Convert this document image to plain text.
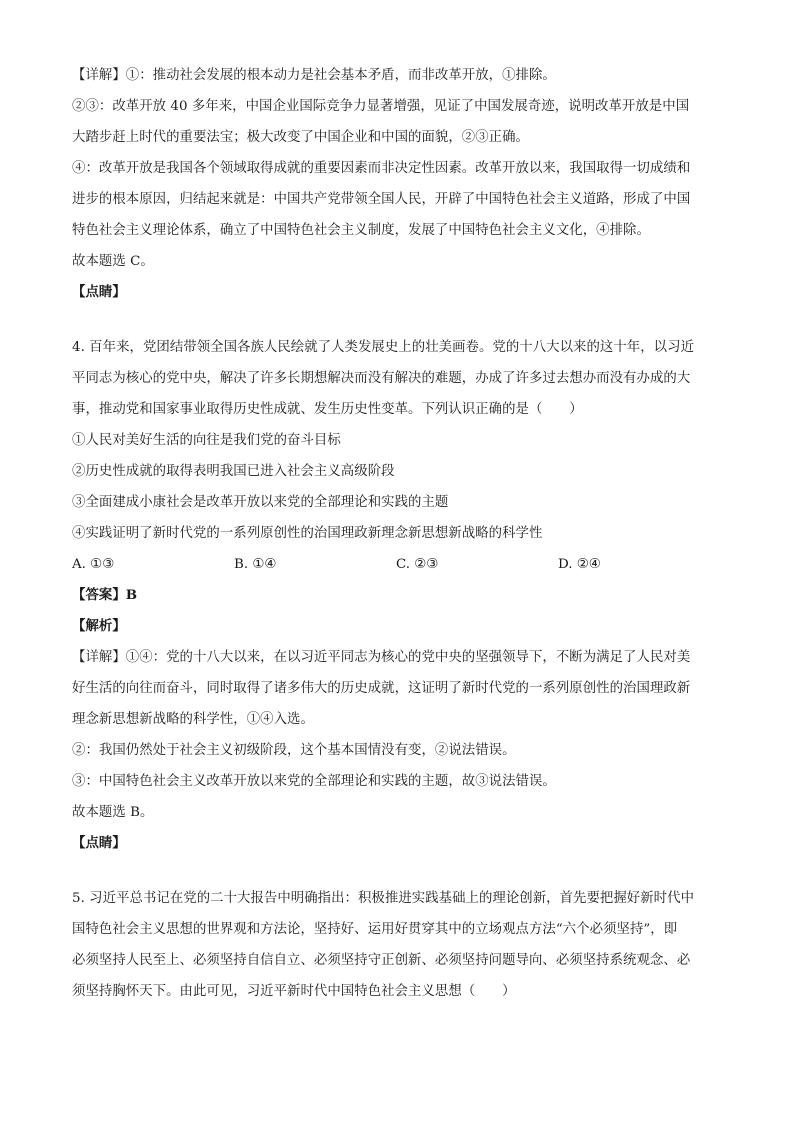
【详解】①：推动社会发展的根本动力是社会基本矛盾，而非改革开放，①排除。
②③：改革开放 40 多年来，中国企业国际竞争力显著增强，见证了中国发展奇迹，说明改革开放是中国
大踏步赶上时代的重要法宝；极大改变了中国企业和中国的面貌，②③正确。
④：改革开放是我国各个领域取得成就的重要因素而非决定性因素。改革开放以来，我国取得一切成绩和
进步的根本原因，归结起来就是：中国共产党带领全国人民，开辟了中国特色社会主义道路，形成了中国
特色社会主义理论体系，确立了中国特色社会主义制度，发展了中国特色社会主义文化，④排除。
故本题选 C。
【点睛】
4. 百年来，党团结带领全国各族人民绘就了人类发展史上的壮美画卷。党的十八大以来的这十年，以习近
平同志为核心的党中央，解决了许多长期想解决而没有解决的难题，办成了许多过去想办而没有办成的大
事，推动党和国家事业取得历史性成就、发生历史性变革。下列认识正确的是（　　）
①人民对美好生活的向往是我们党的奋斗目标
②历史性成就的取得表明我国已进入社会主义高级阶段
③全面建成小康社会是改革开放以来党的全部理论和实践的主题
④实践证明了新时代党的一系列原创性的治国理政新理念新思想新战略的科学性
A. ①③	B. ①④	C. ②③	D. ②④
【答案】B
【解析】
【详解】①④：党的十八大以来，在以习近平同志为核心的党中央的坚强领导下，不断为满足了人民对美
好生活的向往而奋斗，同时取得了诸多伟大的历史成就，这证明了新时代党的一系列原创性的治国理政新
理念新思想新战略的科学性，①④入选。
②：我国仍然处于社会主义初级阶段，这个基本国情没有变，②说法错误。
③：中国特色社会主义改革开放以来党的全部理论和实践的主题，故③说法错误。
故本题选 B。
【点睛】
5. 习近平总书记在党的二十大报告中明确指出：积极推进实践基础上的理论创新，首先要把握好新时代中
国特色社会主义思想的世界观和方法论，坚持好、运用好贯穿其中的立场观点方法“六个必须坚持”，即
必须坚持人民至上、必须坚持自信自立、必须坚持守正创新、必须坚持问题导向、必须坚持系统观念、必
须坚持胸怀天下。由此可见，习近平新时代中国特色社会主义思想（　　）
